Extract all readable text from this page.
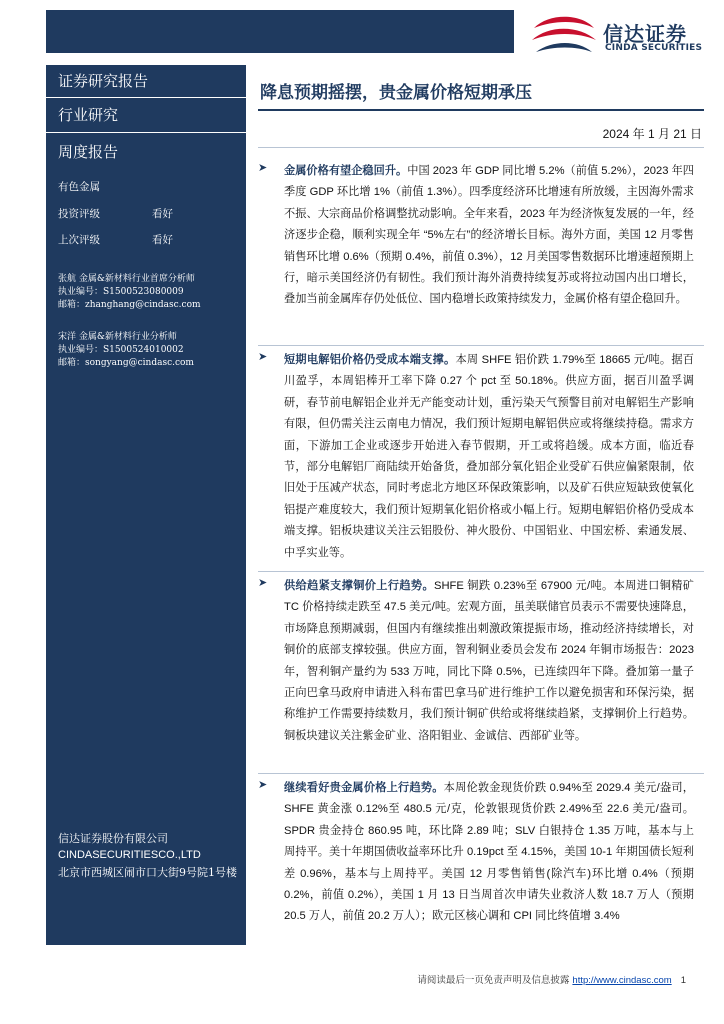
信达证券
CINDA SECURITIES
证券研究报告
行业研究
周度报告
有色金属
投资评级	看好
上次评级	看好
张航 金属&新材料行业首席分析师
执业编号：S1500523080009
邮箱：zhanghang@cindasc.com
宋洋 金属&新材料行业分析师
执业编号：S1500524010002
邮箱：songyang@cindasc.com
信达证券股份有限公司
CINDASECURITIESCO.,LTD
北京市西城区闹市口大街9号院1号楼
降息预期摇摆，贵金属价格短期承压
2024 年 1 月 21 日
➤ 金属价格有望企稳回升。中国 2023 年 GDP 同比增 5.2%（前值 5.2%），2023 年四季度 GDP 环比增 1%（前值 1.3%）。四季度经济环比增速有所放缓，主因海外需求不振、大宗商品价格调整扰动影响。全年来看，2023 年为经济恢复发展的一年，经济逐步企稳，顺利实现全年 “5%左右”的经济增长目标。海外方面，美国 12 月零售销售环比增 0.6%（预期 0.4%，前值 0.3%），12 月美国零售数据环比增速超预期上行，暗示美国经济仍有韧性。我们预计海外消费持续复苏或将拉动国内出口增长，叠加当前金属库存仍处低位、国内稳增长政策持续发力，金属价格有望企稳回升。
➤ 短期电解铝价格仍受成本端支撑。本周 SHFE 铝价跌 1.79%至 18665 元/吨。据百川盈孚，本周铝棒开工率下降 0.27 个 pct 至 50.18%。供应方面，据百川盈孚调研，春节前电解铝企业并无产能变动计划，重污染天气预警目前对电解铝生产影响有限，但仍需关注云南电力情况，我们预计短期电解铝供应或将继续持稳。需求方面，下游加工企业或逐步开始进入春节假期，开工或将趋缓。成本方面，临近春节，部分电解铝厂商陆续开始备货，叠加部分氧化铝企业受矿石供应偏紧限制，依旧处于压减产状态，同时考虑北方地区环保政策影响，以及矿石供应短缺致使氧化铝提产难度较大，我们预计短期氧化铝价格或小幅上行。短期电解铝价格仍受成本端支撑。铝板块建议关注云铝股份、神火股份、中国铝业、中国宏桥、索通发展、中孚实业等。
➤ 供给趋紧支撑铜价上行趋势。SHFE 铜跌 0.23%至 67900 元/吨。本周进口铜精矿 TC 价格持续走跌至 47.5 美元/吨。宏观方面，虽美联储官员表示不需要快速降息，市场降息预期减弱，但国内有继续推出刺激政策提振市场，推动经济持续增长，对铜价的底部支撑较强。供应方面，智利铜业委员会发布 2024 年铜市场报告：2023 年，智利铜产量约为 533 万吨，同比下降 0.5%，已连续四年下降。叠加第一量子正向巴拿马政府申请进入科布雷巴拿马矿进行维护工作以避免损害和环保污染，据称维护工作需要持续数月，我们预计铜矿供给或将继续趋紧，支撑铜价上行趋势。铜板块建议关注紫金矿业、洛阳钼业、金诚信、西部矿业等。
➤ 继续看好贵金属价格上行趋势。本周伦敦金现货价跌 0.94%至 2029.4 美元/盎司，SHFE 黄金涨 0.12%至 480.5 元/克，伦敦银现货价跌 2.49%至 22.6 美元/盎司。SPDR 贵金持仓 860.95 吨，环比降 2.89 吨；SLV 白银持仓 1.35 万吨，基本与上周持平。美十年期国债收益率环比升 0.19pct 至 4.15%，美国 10-1 年期国债长短利差 0.96%，基本与上周持平。美国 12 月零售销售(除汽车)环比增 0.4%（预期 0.2%，前值 0.2%），美国 1 月 13 日当周首次申请失业救济人数 18.7 万人（预期 20.5 万人，前值 20.2 万人）；欧元区核心调和 CPI 同比终值增 3.4%
请阅读最后一页免责声明及信息披露 http://www.cindasc.com 1
